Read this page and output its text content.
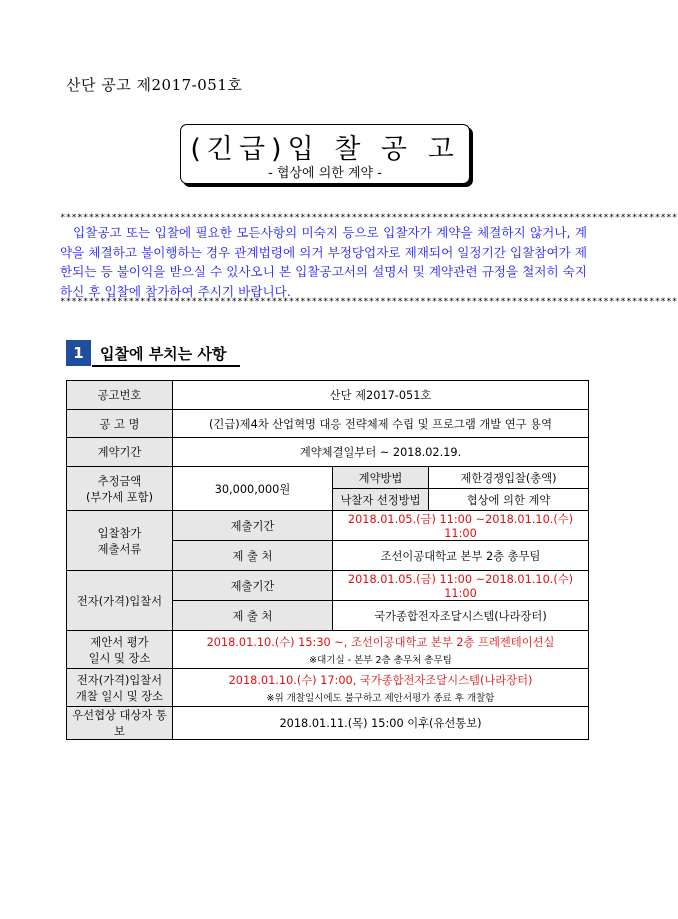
산단 공고 제2017-051호
(긴급)입 찰 공 고
- 협상에 의한 계약 -
************************************************************************************************************
입찰공고 또는 입찰에 필요한 모든사항의 미숙지 등으로 입찰자가 계약을 체결하지 않거나, 계약을 체결하고 불이행하는 경우 관계법령에 의거 부정당업자로 제재되어 일정기간 입찰참여가 제한되는 등 불이익을 받으실 수 있사오니 본 입찰공고서의 설명서 및 계약관련 규정을 철저히 숙지하신 후 입찰에 참가하여 주시기 바랍니다.
************************************************************************************************************
1	입찰에 부치는 사항
공고번호	산단 제2017-051호		
공 고 명	(긴급)제4차 산업혁명 대응 전략체제 수립 및 프로그램 개발 연구 용역		
계약기간	계약체결일부터 ~ 2018.02.19.		
추정금액
(부가세 포함)	30,000,000원	계약방법	제한경쟁입찰(총액)
		낙찰자 선정방법	협상에 의한 계약
입찰참가
제출서류	제출기간	2018.01.05.(금) 11:00 ~2018.01.10.(수) 11:00	
	제 출 처	조선이공대학교 본부 2층 총무팀	
전자(가격)입찰서	제출기간	2018.01.05.(금) 11:00 ~2018.01.10.(수) 11:00	
	제 출 처	국가종합전자조달시스템(나라장터)	
제안서 평가
일시 및 장소	2018.01.10.(수) 15:30 ~, 조선이공대학교 본부 2층 프레젠테이션실
※대기실 - 본부 2층 총무처 총무팀		

전자(가격)입찰서
개찰 일시 및 장소	2018.01.10.(수) 17:00, 국가종합전자조달시스템(나라장터)
※위 개찰일시에도 불구하고 제안서평가 종료 후 개찰함		

우선협상 대상자 통보	2018.01.11.(목) 15:00 이후(유선통보)		
